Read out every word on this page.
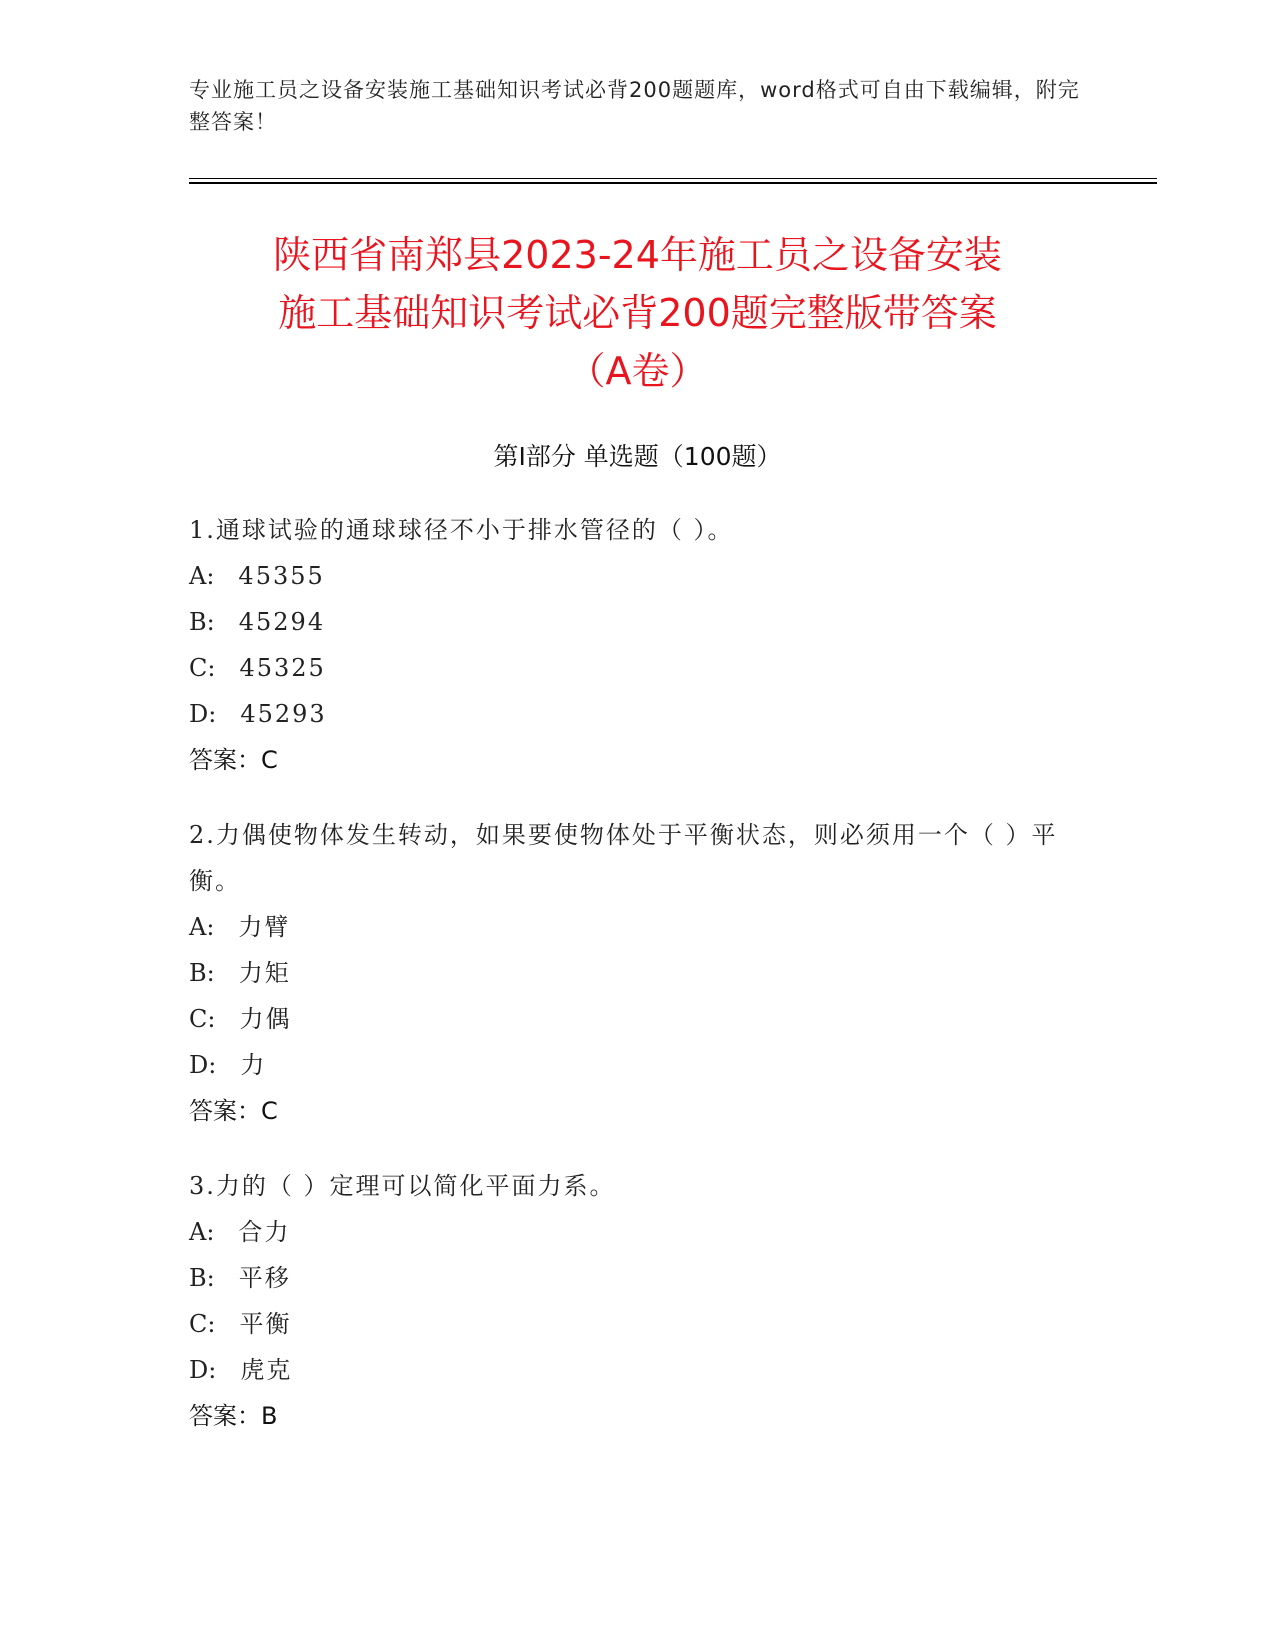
专业施工员之设备安装施工基础知识考试必背200题题库，word格式可自由下载编辑，附完整答案！
陕西省南郑县2023-24年施工员之设备安装
施工基础知识考试必背200题完整版带答案
（A卷）
第I部分 单选题（100题）
1.通球试验的通球球径不小于排水管径的（ ）。
A: 45355
B: 45294
C: 45325
D: 45293
答案：C
2.力偶使物体发生转动，如果要使物体处于平衡状态，则必须用一个（ ）平衡。
A: 力臂
B: 力矩
C: 力偶
D: 力
答案：C
3.力的（ ）定理可以简化平面力系。
A: 合力
B: 平移
C: 平衡
D: 虎克
答案：B
